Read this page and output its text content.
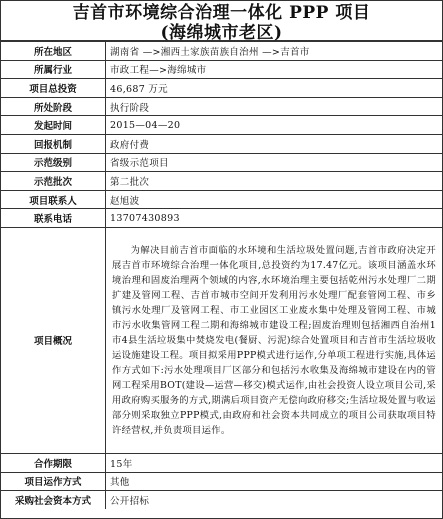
吉首市环境综合治理一体化 PPP 项目
(海绵城市老区)
所在地区	湖南省 —>湘西土家族苗族自治州 —>吉首市
所属行业	市政工程—>海绵城市
项目总投资	46,687 万元
所处阶段	执行阶段
发起时间	2015—04—20
回报机制	政府付费
示范级别	省级示范项目
示范批次	第二批次
项目联系人	赵旭波
联系电话	13707430893
项目概况	为解决目前吉首市面临的水环境和生活垃圾处置问题,吉首市政府决定开展吉首市环境综合治理一体化项目,总投资约为17.47亿元。该项目涵盖水环境治理和固废治理两个领域的内容,水环境治理主要包括乾州污水处理厂二期扩建及管网工程、吉首市城市空间开发利用污水处理厂配套管网工程、市乡镇污水处理厂及管网工程、市工业园区工业废水集中处理及管网工程、市城市污水收集管网工程二期和海绵城市建设工程;固废治理则包括湘西自治州1市4县生活垃圾集中焚烧发电(餐厨、污泥)综合处置项目和吉首市生活垃圾收运设施建设工程。项目拟采用PPP模式进行运作,分单项工程进行实施,具体运作方式如下:污水处理项目厂区部分和包括污水收集及海绵城市建设在内的管网工程采用BOT(建设—运营—移交)模式运作,由社会投资人设立项目公司,采用政府购买服务的方式,期满后项目资产无偿向政府移交;生活垃圾处置与收运部分则采取独立PPP模式,由政府和社会资本共同成立的项目公司获取项目特许经营权,并负责项目运作。

合作期限	15年
项目运作方式	其他
采购社会资本方式	公开招标
